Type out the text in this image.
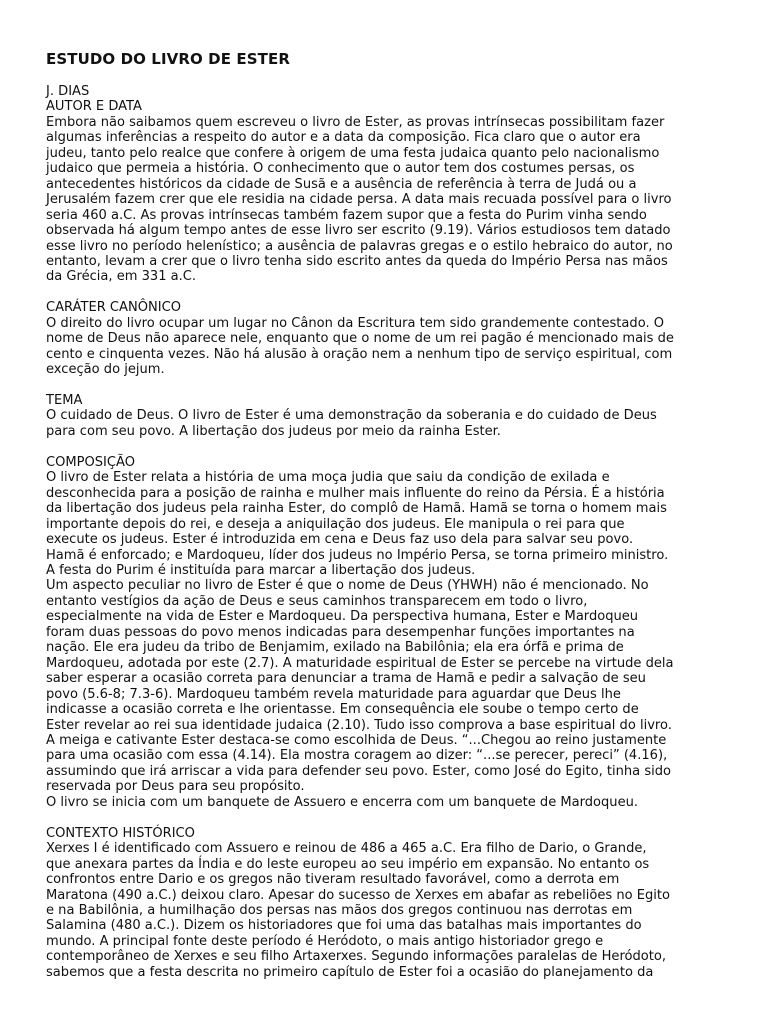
ESTUDO DO LIVRO DE ESTER
J. DIAS
AUTOR E DATA
Embora não saibamos quem escreveu o livro de Ester, as provas intrínsecas possibilitam fazer
algumas inferências a respeito do autor e a data da composição. Fica claro que o autor era
judeu, tanto pelo realce que confere à origem de uma festa judaica quanto pelo nacionalismo
judaico que permeia a história. O conhecimento que o autor tem dos costumes persas, os
antecedentes históricos da cidade de Susã e a ausência de referência à terra de Judá ou a
Jerusalém fazem crer que ele residia na cidade persa. A data mais recuada possível para o livro
seria 460 a.C. As provas intrínsecas também fazem supor que a festa do Purim vinha sendo
observada há algum tempo antes de esse livro ser escrito (9.19). Vários estudiosos tem datado
esse livro no período helenístico; a ausência de palavras gregas e o estilo hebraico do autor, no
entanto, levam a crer que o livro tenha sido escrito antes da queda do Império Persa nas mãos
da Grécia, em 331 a.C.
CARÁTER CANÔNICO
O direito do livro ocupar um lugar no Cânon da Escritura tem sido grandemente contestado. O
nome de Deus não aparece nele, enquanto que o nome de um rei pagão é mencionado mais de
cento e cinquenta vezes. Não há alusão à oração nem a nenhum tipo de serviço espiritual, com
exceção do jejum.
TEMA
O cuidado de Deus. O livro de Ester é uma demonstração da soberania e do cuidado de Deus
para com seu povo. A libertação dos judeus por meio da rainha Ester.
COMPOSIÇÃO
O livro de Ester relata a história de uma moça judia que saiu da condição de exilada e
desconhecida para a posição de rainha e mulher mais influente do reino da Pérsia. É a história
da libertação dos judeus pela rainha Ester, do complô de Hamã. Hamã se torna o homem mais
importante depois do rei, e deseja a aniquilação dos judeus. Ele manipula o rei para que
execute os judeus. Ester é introduzida em cena e Deus faz uso dela para salvar seu povo.
Hamã é enforcado; e Mardoqueu, líder dos judeus no Império Persa, se torna primeiro ministro.
A festa do Purim é instituída para marcar a libertação dos judeus.
Um aspecto peculiar no livro de Ester é que o nome de Deus (YHWH) não é mencionado. No
entanto vestígios da ação de Deus e seus caminhos transparecem em todo o livro,
especialmente na vida de Ester e Mardoqueu. Da perspectiva humana, Ester e Mardoqueu
foram duas pessoas do povo menos indicadas para desempenhar funções importantes na
nação. Ele era judeu da tribo de Benjamim, exilado na Babilônia; ela era órfã e prima de
Mardoqueu, adotada por este (2.7). A maturidade espiritual de Ester se percebe na virtude dela
saber esperar a ocasião correta para denunciar a trama de Hamã e pedir a salvação de seu
povo (5.6-8; 7.3-6). Mardoqueu também revela maturidade para aguardar que Deus lhe
indicasse a ocasião correta e lhe orientasse. Em consequência ele soube o tempo certo de
Ester revelar ao rei sua identidade judaica (2.10). Tudo isso comprova a base espiritual do livro.
A meiga e cativante Ester destaca-se como escolhida de Deus. “...Chegou ao reino justamente
para uma ocasião com essa (4.14). Ela mostra coragem ao dizer: “...se perecer, pereci” (4.16),
assumindo que irá arriscar a vida para defender seu povo. Ester, como José do Egito, tinha sido
reservada por Deus para seu propósito.
O livro se inicia com um banquete de Assuero e encerra com um banquete de Mardoqueu.
CONTEXTO HISTÓRICO
Xerxes I é identificado com Assuero e reinou de 486 a 465 a.C. Era filho de Dario, o Grande,
que anexara partes da Índia e do leste europeu ao seu império em expansão. No entanto os
confrontos entre Dario e os gregos não tiveram resultado favorável, como a derrota em
Maratona (490 a.C.) deixou claro. Apesar do sucesso de Xerxes em abafar as rebeliões no Egito
e na Babilônia, a humilhação dos persas nas mãos dos gregos continuou nas derrotas em
Salamina (480 a.C.). Dizem os historiadores que foi uma das batalhas mais importantes do
mundo. A principal fonte deste período é Heródoto, o mais antigo historiador grego e
contemporâneo de Xerxes e seu filho Artaxerxes. Segundo informações paralelas de Heródoto,
sabemos que a festa descrita no primeiro capítulo de Ester foi a ocasião do planejamento da
